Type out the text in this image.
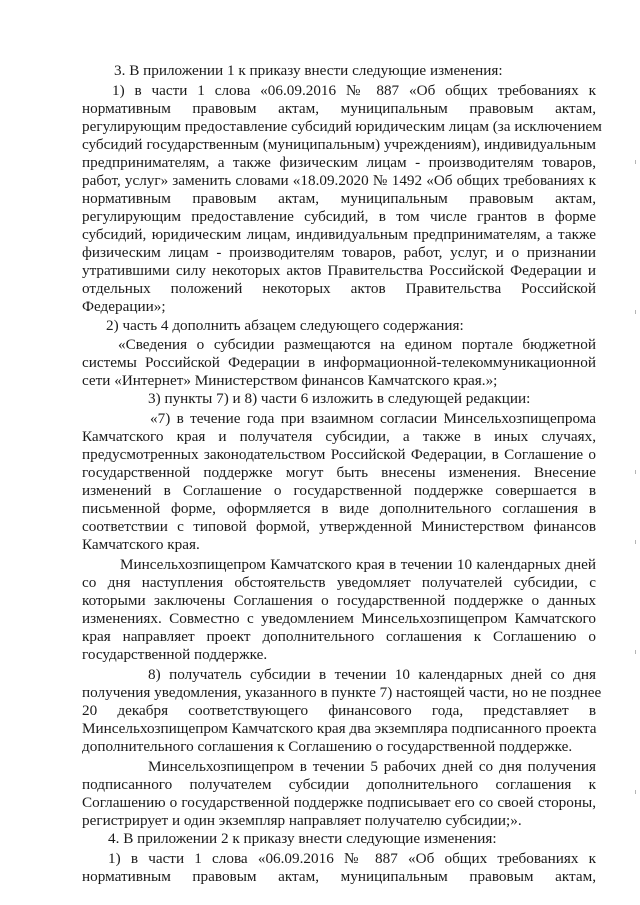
3. В приложении 1 к приказу внести следующие изменения:
1) в части 1 слова «06.09.2016 № 887 «Об общих требованиях к
нормативным правовым актам, муниципальным правовым актам,
регулирующим предоставление субсидий юридическим лицам (за исключением
субсидий государственным (муниципальным) учреждениям), индивидуальным
предпринимателям, а также физическим лицам - производителям товаров,
работ, услуг» заменить словами «18.09.2020 № 1492 «Об общих требованиях к
нормативным правовым актам, муниципальным правовым актам,
регулирующим предоставление субсидий, в том числе грантов в форме
субсидий, юридическим лицам, индивидуальным предпринимателям, а также
физическим лицам - производителям товаров, работ, услуг, и о признании
утратившими силу некоторых актов Правительства Российской Федерации и
отдельных положений некоторых актов Правительства Российской
Федерации»;
2) часть 4 дополнить абзацем следующего содержания:
«Сведения о субсидии размещаются на едином портале бюджетной
системы Российской Федерации в информационной-телекоммуникационной
сети «Интернет» Министерством финансов Камчатского края.»;
3) пункты 7) и 8) части 6 изложить в следующей редакции:
«7) в течение года при взаимном согласии Минсельхозпищепрома
Камчатского края и получателя субсидии, а также в иных случаях,
предусмотренных законодательством Российской Федерации, в Соглашение о
государственной поддержке могут быть внесены изменения. Внесение
изменений в Соглашение о государственной поддержке совершается в
письменной форме, оформляется в виде дополнительного соглашения в
соответствии с типовой формой, утвержденной Министерством финансов
Камчатского края.
Минсельхозпищепром Камчатского края в течении 10 календарных дней
со дня наступления обстоятельств уведомляет получателей субсидии, с
которыми заключены Соглашения о государственной поддержке о данных
изменениях. Совместно с уведомлением Минсельхозпищепром Камчатского
края направляет проект дополнительного соглашения к Соглашению о
государственной поддержке.
8) получатель субсидии в течении 10 календарных дней со дня
получения уведомления, указанного в пункте 7) настоящей части, но не позднее
20 декабря соответствующего финансового года, представляет в
Минсельхозпищепром Камчатского края два экземпляра подписанного проекта
дополнительного соглашения к Соглашению о государственной поддержке.
Минсельхозпищепром в течении 5 рабочих дней со дня получения
подписанного получателем субсидии дополнительного соглашения к
Соглашению о государственной поддержке подписывает его со своей стороны,
регистрирует и один экземпляр направляет получателю субсидии;».
4. В приложении 2 к приказу внести следующие изменения:
1) в части 1 слова «06.09.2016 № 887 «Об общих требованиях к
нормативным правовым актам, муниципальным правовым актам,
